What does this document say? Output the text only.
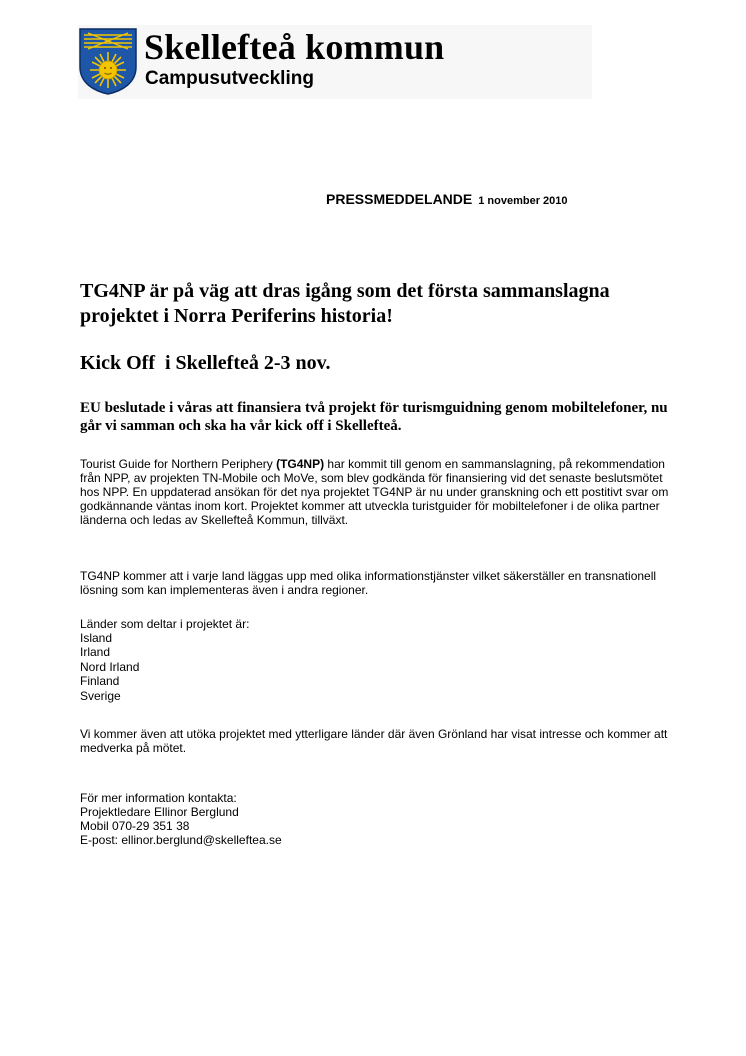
Skellefteå kommun
Campusutveckling
PRESSMEDDELANDE 1 november 2010
TG4NP är på väg att dras igång som det första sammanslagna projektet i Norra Periferins historia!
Kick Off  i Skellefteå 2-3 nov.
EU beslutade i våras att finansiera två projekt för turismguidning genom mobiltelefoner, nu går vi samman och ska ha vår kick off i Skellefteå.
Tourist Guide for Northern Periphery (TG4NP) har kommit till genom en sammanslagning, på rekommendation från NPP, av projekten TN-Mobile och MoVe, som blev godkända för finansiering vid det senaste beslutsmötet hos NPP. En uppdaterad ansökan för det nya projektet TG4NP är nu under granskning och ett postitivt svar om godkännande väntas inom kort. Projektet kommer att utveckla turistguider för mobiltelefoner i de olika partner länderna och ledas av Skellefteå Kommun, tillväxt.
TG4NP kommer att i varje land läggas upp med olika informationstjänster vilket säkerställer en transnationell lösning som kan implementeras även i andra regioner.
Länder som deltar i projektet är:
Island
Irland
Nord Irland
Finland
Sverige
Vi kommer även att utöka projektet med ytterligare länder där även Grönland har visat intresse och kommer att medverka på mötet.
För mer information kontakta:
Projektledare Ellinor Berglund
Mobil 070-29 351 38
E-post: ellinor.berglund@skelleftea.se
